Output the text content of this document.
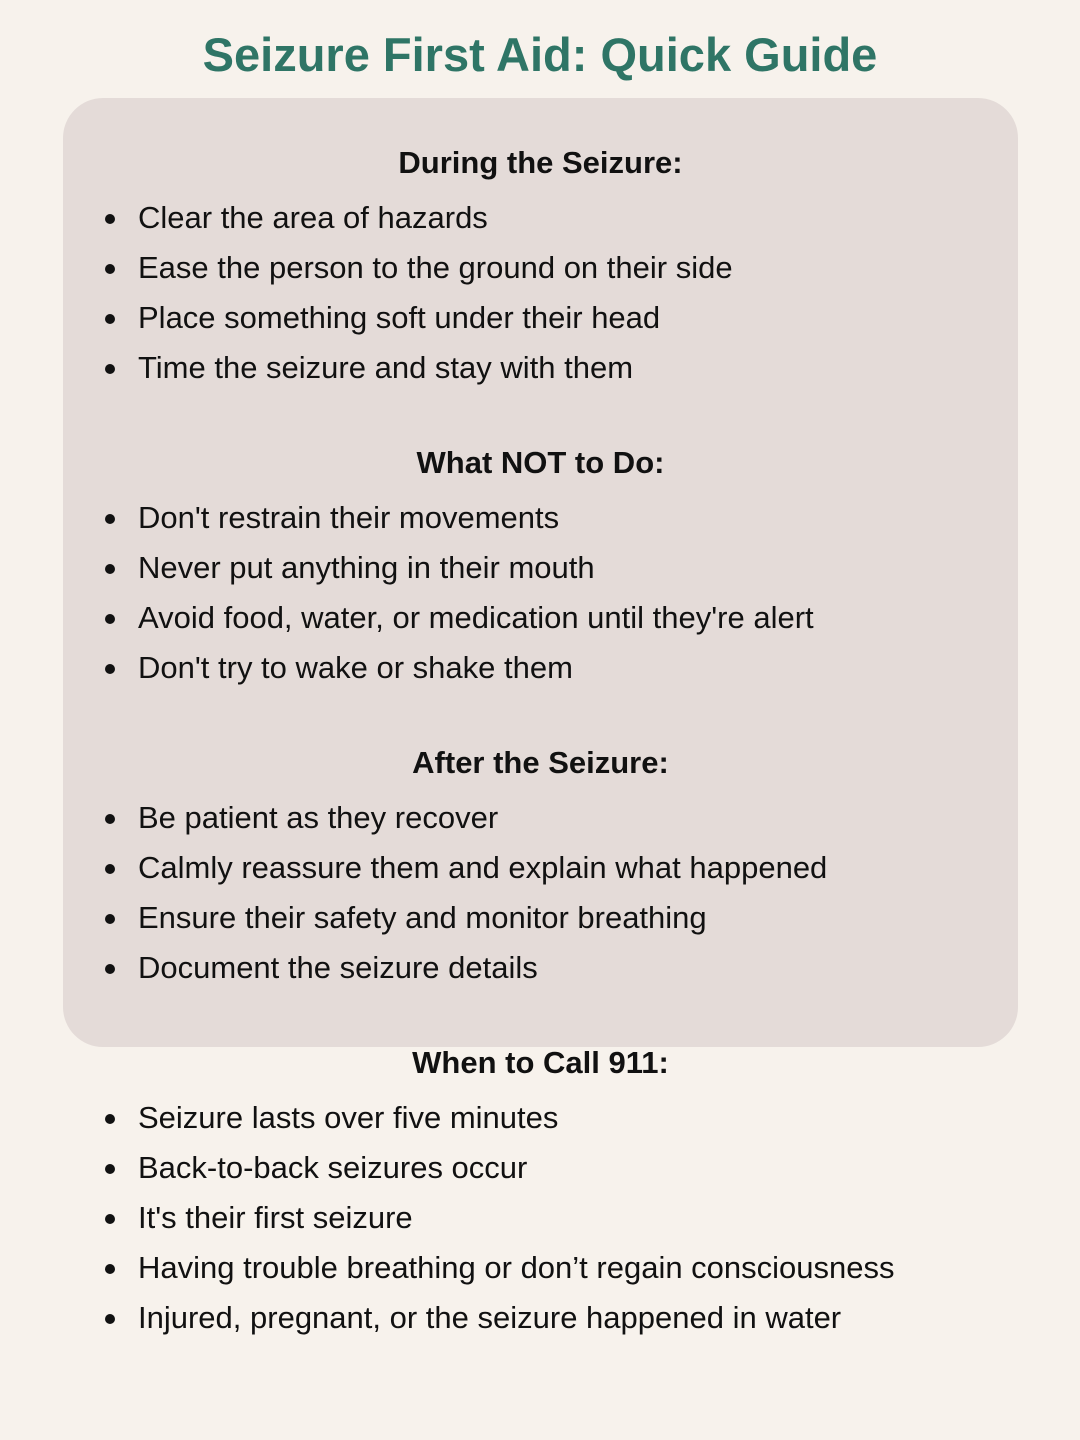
Seizure First Aid: Quick Guide
During the Seizure:
Clear the area of hazards
Ease the person to the ground on their side
Place something soft under their head
Time the seizure and stay with them
What NOT to Do:
Don't restrain their movements
Never put anything in their mouth
Avoid food, water, or medication until they're alert
Don't try to wake or shake them
After the Seizure:
Be patient as they recover
Calmly reassure them and explain what happened
Ensure their safety and monitor breathing
Document the seizure details
When to Call 911:
Seizure lasts over five minutes
Back-to-back seizures occur
It's their first seizure
Having trouble breathing or don’t regain consciousness
Injured, pregnant, or the seizure happened in water
